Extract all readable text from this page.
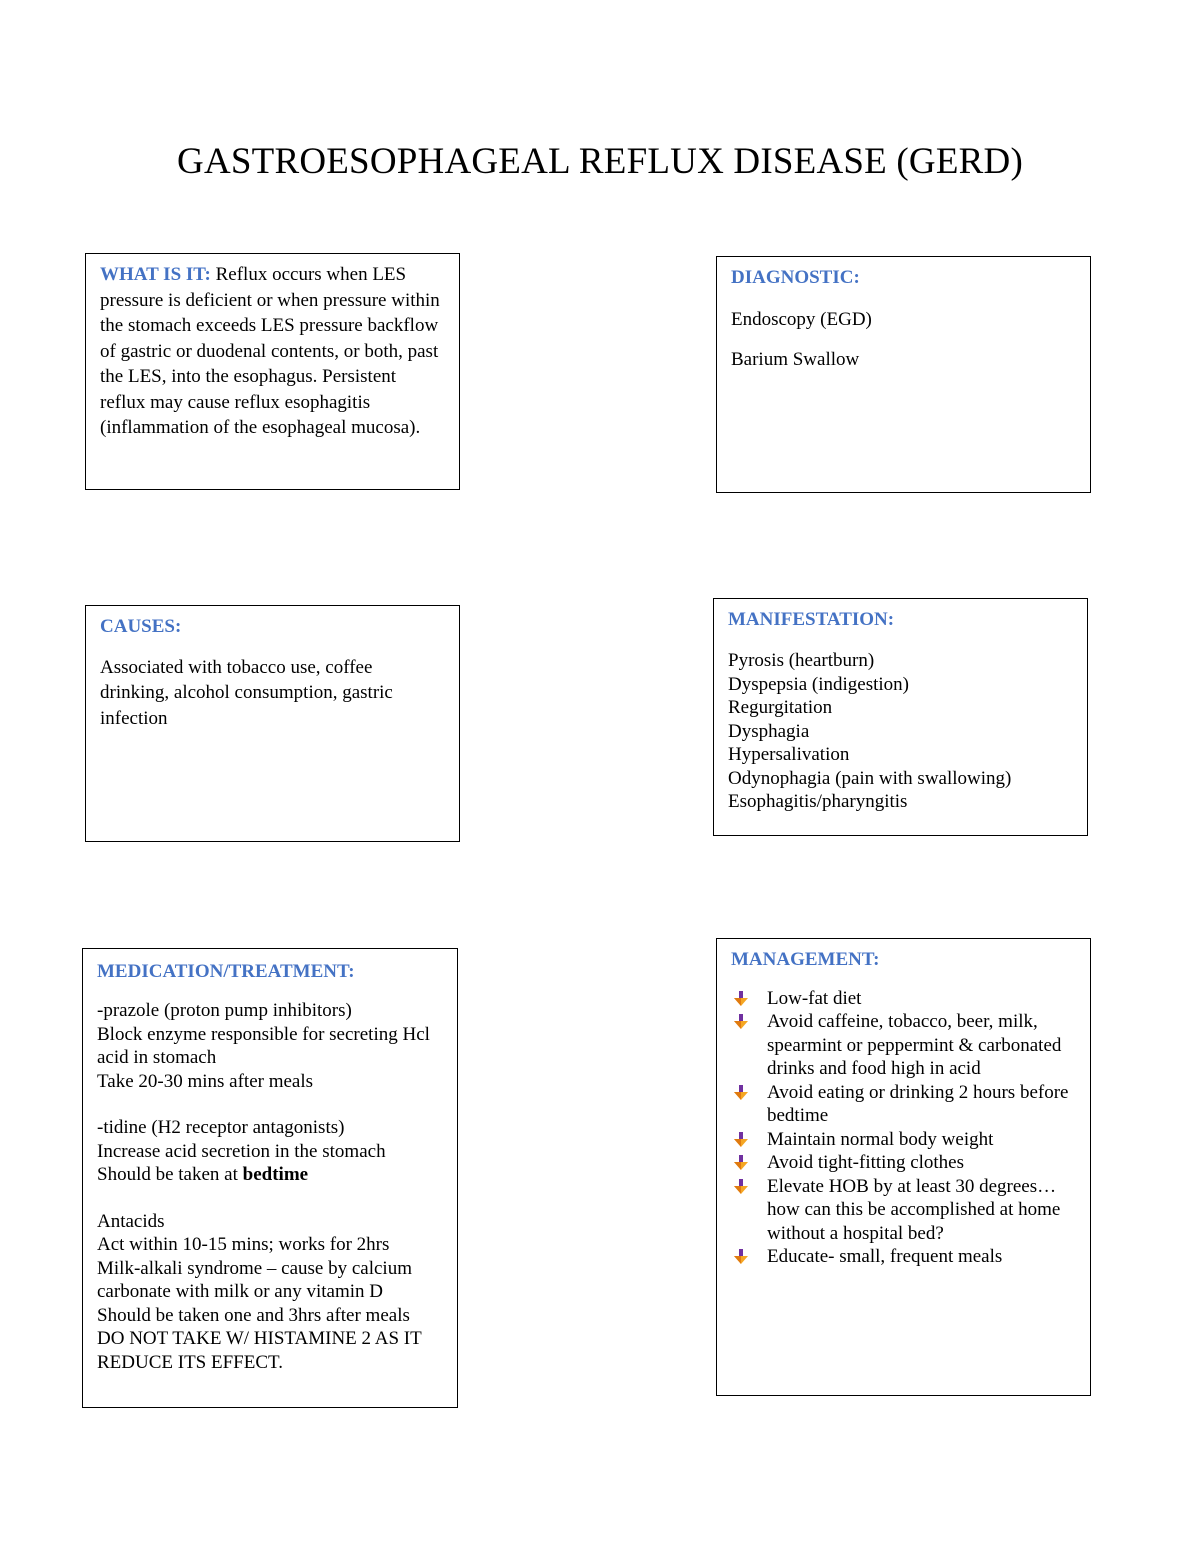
GASTROESOPHAGEAL REFLUX DISEASE (GERD)

WHAT IS IT: Reflux occurs when LES pressure is deficient or when pressure within the stomach exceeds LES pressure backflow of gastric or duodenal contents, or both, past the LES, into the esophagus. Persistent reflux may cause reflux esophagitis (inflammation of the esophageal mucosa).

DIAGNOSTIC:
Endoscopy (EGD)
Barium Swallow
CAUSES:

Associated with tobacco use, coffee drinking, alcohol consumption, gastric infection

MANIFESTATION:
Pyrosis (heartburn)
Dyspepsia (indigestion)
Regurgitation
Dysphagia
Hypersalivation
Odynophagia (pain with swallowing)
Esophagitis/pharyngitis
MEDICATION/TREATMENT:
-prazole (proton pump inhibitors)
Block enzyme responsible for secreting Hcl acid in stomach
Take 20-30 mins after meals
-tidine (H2 receptor antagonists)
Increase acid secretion in the stomach
Should be taken at bedtime
Antacids
Act within 10-15 mins; works for 2hrs
Milk-alkali syndrome – cause by calcium carbonate with milk or any vitamin D
Should be taken one and 3hrs after meals
DO NOT TAKE W/ HISTAMINE 2 AS IT REDUCE ITS EFFECT.
MANAGEMENT:
Low-fat diet
Avoid caffeine, tobacco, beer, milk, spearmint or peppermint & carbonated drinks and food high in acid
Avoid eating or drinking 2 hours before bedtime
Maintain normal body weight
Avoid tight-fitting clothes
Elevate HOB by at least 30 degrees…how can this be accomplished at home without a hospital bed?
Educate- small, frequent meals
